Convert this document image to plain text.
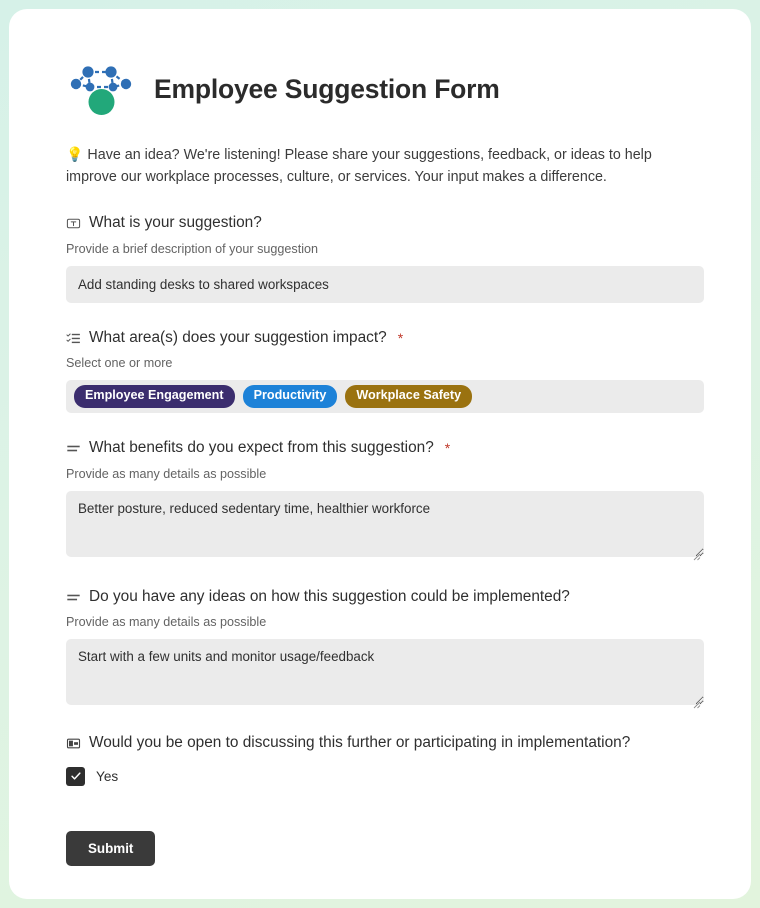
Employee Suggestion Form
💡 Have an idea? We're listening! Please share your suggestions, feedback, or ideas to help improve our workplace processes, culture, or services. Your input makes a difference.
What is your suggestion?
Provide a brief description of your suggestion
Add standing desks to shared workspaces
What area(s) does your suggestion impact? *
Select one or more
Employee Engagement	Productivity	Workplace Safety
What benefits do you expect from this suggestion? *
Provide as many details as possible
Better posture, reduced sedentary time, healthier workforce
Do you have any ideas on how this suggestion could be implemented?
Provide as many details as possible
Start with a few units and monitor usage/feedback
Would you be open to discussing this further or participating in implementation?
Yes
Submit
